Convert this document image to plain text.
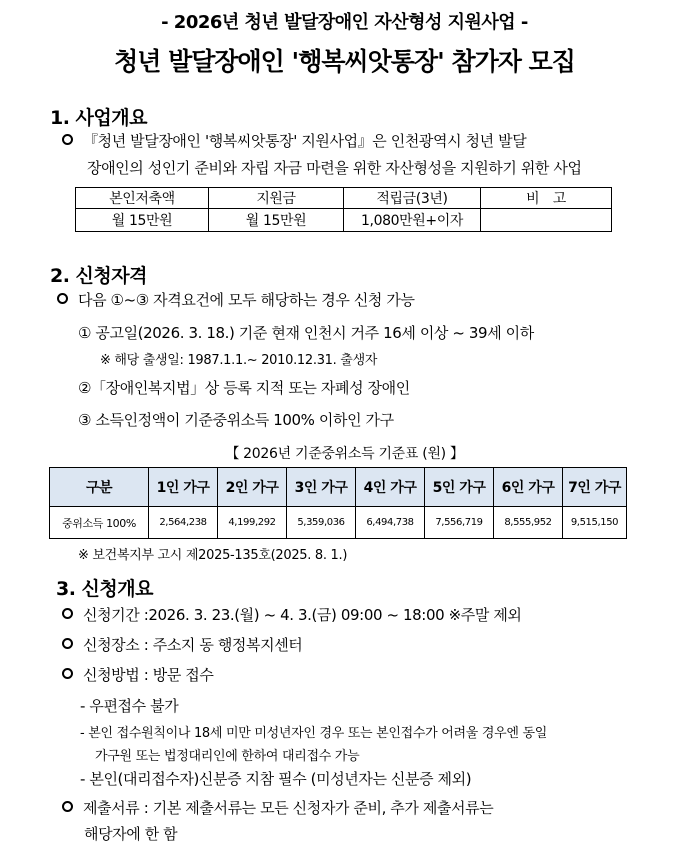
- 2026년 청년 발달장애인 자산형성 지원사업 -
청년 발달장애인 '행복씨앗통장' 참가자 모집
1. 사업개요
『청년 발달장애인 '행복씨앗통장' 지원사업』은 인천광역시 청년 발달
장애인의 성인기 준비와 자립 자금 마련을 위한 자산형성을 지원하기 위한 사업
본인저축액	지원금	적립금(3년)	비　고
월 15만원	월 15만원	1,080만원+이자	
2. 신청자격
다음 ①~③ 자격요건에 모두 해당하는 경우 신청 가능
① 공고일(2026. 3. 18.) 기준 현재 인천시 거주 16세 이상 ~ 39세 이하
※ 해당 출생일: 1987.1.1.~ 2010.12.31. 출생자
②「장애인복지법」상 등록 지적 또는 자폐성 장애인
③ 소득인정액이 기준중위소득 100% 이하인 가구
【 2026년 기준중위소득 기준표 (원) 】
구분	1인 가구	2인 가구	3인 가구	4인 가구	5인 가구	6인 가구	7인 가구
중위소득 100%	2,564,238	4,199,292	5,359,036	6,494,738	7,556,719	8,555,952	9,515,150
※ 보건복지부 고시 제2025-135호(2025. 8. 1.)
3. 신청개요
신청기간 :2026. 3. 23.(월) ~ 4. 3.(금) 09:00 ~ 18:00 ※주말 제외
신청장소 : 주소지 동 행정복지센터
신청방법 : 방문 접수
- 우편접수 불가
- 본인 접수원칙이나 18세 미만 미성년자인 경우 또는 본인접수가 어려울 경우엔 동일
가구원 또는 법정대리인에 한하여 대리접수 가능
- 본인(대리접수자)신분증 지참 필수 (미성년자는 신분증 제외)
제출서류 : 기본 제출서류는 모든 신청자가 준비, 추가 제출서류는
해당자에 한 함
